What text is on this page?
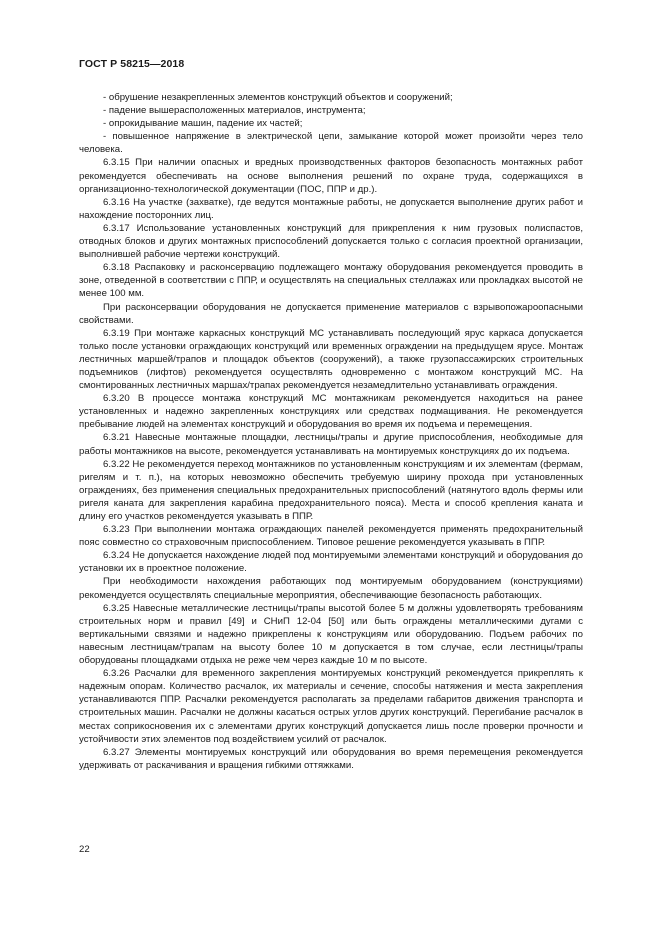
ГОСТ Р 58215—2018

- обрушение незакрепленных элементов конструкций объектов и сооружений;

- падение вышерасположенных материалов, инструмента;

- опрокидывание машин, падение их частей;

- повышенное напряжение в электрической цепи, замыкание которой может произойти через тело человека.

6.3.15 При наличии опасных и вредных производственных факторов безопасность монтажных работ рекомендуется обеспечивать на основе выполнения решений по охране труда, содержащихся в организационно-технологической документации (ПОС, ППР и др.).

6.3.16 На участке (захватке), где ведутся монтажные работы, не допускается выполнение других работ и нахождение посторонних лиц.

6.3.17 Использование установленных конструкций для прикрепления к ним грузовых полиспастов, отводных блоков и других монтажных приспособлений допускается только с согласия проектной организации, выполнившей рабочие чертежи конструкций.

6.3.18 Распаковку и расконсервацию подлежащего монтажу оборудования рекомендуется проводить в зоне, отведенной в соответствии с ППР, и осуществлять на специальных стеллажах или прокладках высотой не менее 100 мм.

При расконсервации оборудования не допускается применение материалов с взрывопожароопасными свойствами.

6.3.19 При монтаже каркасных конструкций МС устанавливать последующий ярус каркаса допускается только после установки ограждающих конструкций или временных ограждении на предыдущем ярусе. Монтаж лестничных маршей/трапов и площадок объектов (сооружений), а также грузопассажирских строительных подъемников (лифтов) рекомендуется осуществлять одновременно с монтажом конструкций МС. На смонтированных лестничных маршах/трапах рекомендуется незамедлительно устанавливать ограждения.

6.3.20 В процессе монтажа конструкций МС монтажникам рекомендуется находиться на ранее установленных и надежно закрепленных конструкциях или средствах подмащивания. Не рекомендуется пребывание людей на элементах конструкций и оборудования во время их подъема и перемещения.

6.3.21 Навесные монтажные площадки, лестницы/трапы и другие приспособления, необходимые для работы монтажников на высоте, рекомендуется устанавливать на монтируемых конструкциях до их подъема.

6.3.22 Не рекомендуется переход монтажников по установленным конструкциям и их элементам (фермам, ригелям и т. п.), на которых невозможно обеспечить требуемую ширину прохода при установленных ограждениях, без применения специальных предохранительных приспособлений (натянутого вдоль фермы или ригеля каната для закрепления карабина предохранительного пояса). Места и способ крепления каната и длину его участков рекомендуется указывать в ППР.

6.3.23 При выполнении монтажа ограждающих панелей рекомендуется применять предохранительный пояс совместно со страховочным приспособлением. Типовое решение рекомендуется указывать в ППР.

6.3.24 Не допускается нахождение людей под монтируемыми элементами конструкций и оборудования до установки их в проектное положение.

При необходимости нахождения работающих под монтируемым оборудованием (конструкциями) рекомендуется осуществлять специальные мероприятия, обеспечивающие безопасность работающих.

6.3.25 Навесные металлические лестницы/трапы высотой более 5 м должны удовлетворять требованиям строительных норм и правил [49] и СНиП 12-04 [50] или быть ограждены металлическими дугами с вертикальными связями и надежно прикреплены к конструкциям или оборудованию. Подъем рабочих по навесным лестницам/трапам на высоту более 10 м допускается в том случае, если лестницы/трапы оборудованы площадками отдыха не реже чем через каждые 10 м по высоте.

6.3.26 Расчалки для временного закрепления монтируемых конструкций рекомендуется прикреплять к надежным опорам. Количество расчалок, их материалы и сечение, способы натяжения и места закрепления устанавливаются ППР. Расчалки рекомендуется располагать за пределами габаритов движения транспорта и строительных машин. Расчалки не должны касаться острых углов других конструкций. Перегибание расчалок в местах соприкосновения их с элементами других конструкций допускается лишь после проверки прочности и устойчивости этих элементов под воздействием усилий от расчалок.

6.3.27 Элементы монтируемых конструкций или оборудования во время перемещения рекомендуется удерживать от раскачивания и вращения гибкими оттяжками.

22
